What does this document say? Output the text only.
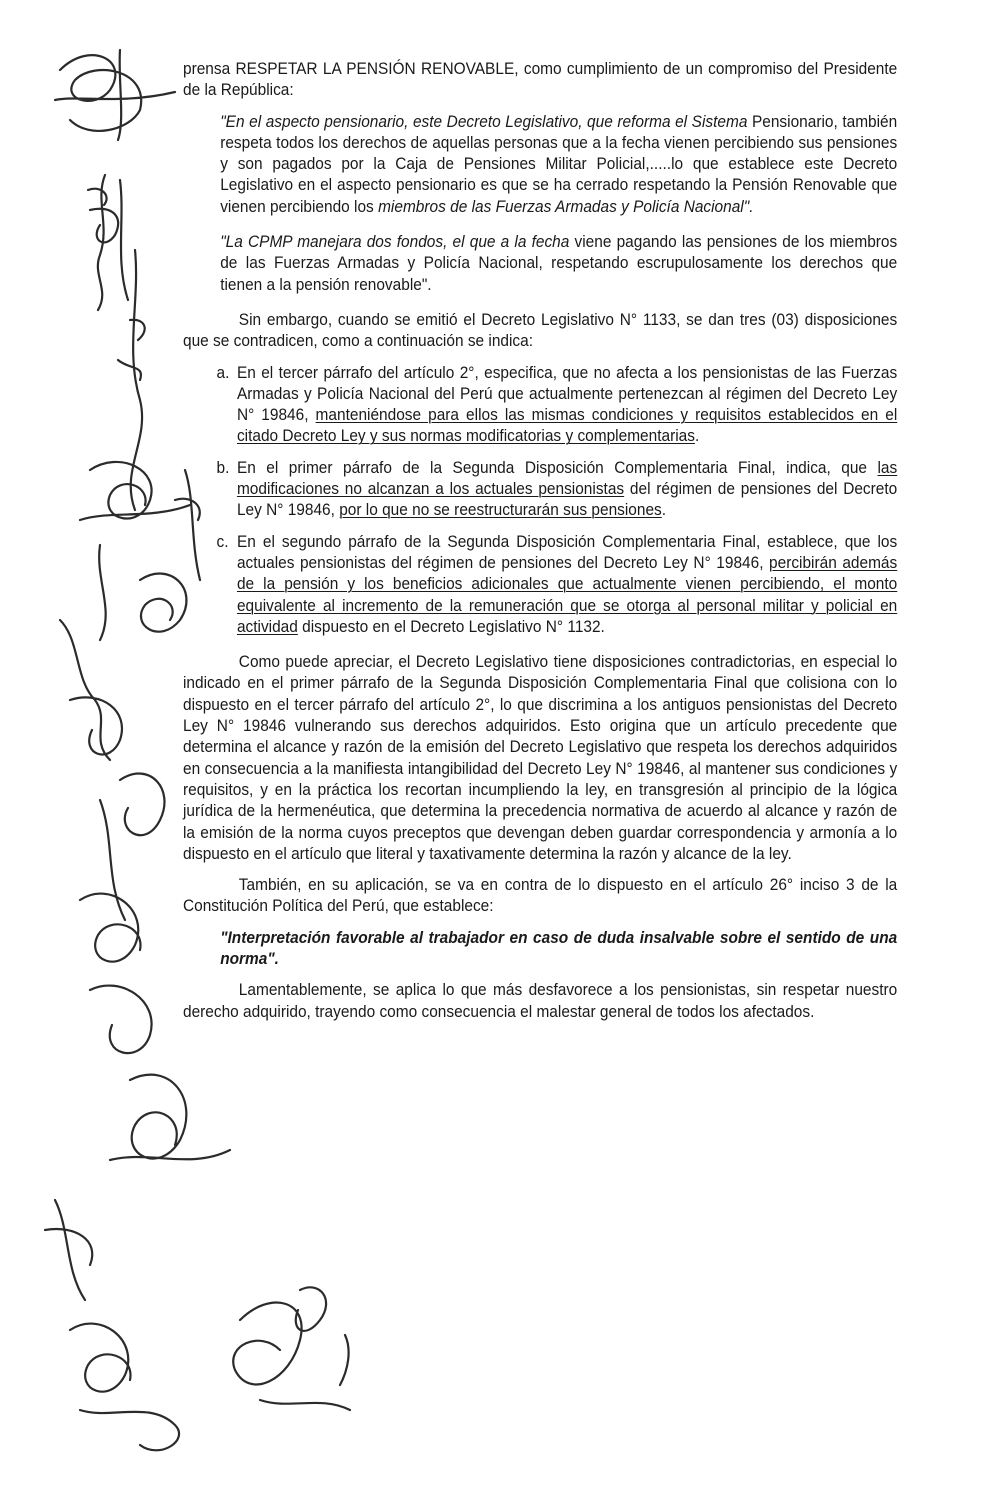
prensa RESPETAR LA PENSIÓN RENOVABLE, como cumplimiento de un compromiso del Presidente de la República:

"En el aspecto pensionario, este Decreto Legislativo, que reforma el Sistema Pensionario, también respeta todos los derechos de aquellas personas que a la fecha vienen percibiendo sus pensiones y son pagados por la Caja de Pensiones Militar Policial,.....lo que establece este Decreto Legislativo en el aspecto pensionario es que se ha cerrado respetando la Pensión Renovable que vienen percibiendo los miembros de las Fuerzas Armadas y Policía Nacional".

"La CPMP manejara dos fondos, el que a la fecha viene pagando las pensiones de los miembros de las Fuerzas Armadas y Policía Nacional, respetando escrupulosamente los derechos que tienen a la pensión renovable".

Sin embargo, cuando se emitió el Decreto Legislativo N° 1133, se dan tres (03) disposiciones que se contradicen, como a continuación se indica:

a. En el tercer párrafo del artículo 2°, especifica, que no afecta a los pensionistas de las Fuerzas Armadas y Policía Nacional del Perú que actualmente pertenezcan al régimen del Decreto Ley N° 19846, manteniéndose para ellos las mismas condiciones y requisitos establecidos en el citado Decreto Ley y sus normas modificatorias y complementarias.

b. En el primer párrafo de la Segunda Disposición Complementaria Final, indica, que las modificaciones no alcanzan a los actuales pensionistas del régimen de pensiones del Decreto Ley N° 19846, por lo que no se reestructurarán sus pensiones.

c. En el segundo párrafo de la Segunda Disposición Complementaria Final, establece, que los actuales pensionistas del régimen de pensiones del Decreto Ley N° 19846, percibirán además de la pensión y los beneficios adicionales que actualmente vienen percibiendo, el monto equivalente al incremento de la remuneración que se otorga al personal militar y policial en actividad dispuesto en el Decreto Legislativo N° 1132.

Como puede apreciar, el Decreto Legislativo tiene disposiciones contradictorias, en especial lo indicado en el primer párrafo de la Segunda Disposición Complementaria Final que colisiona con lo dispuesto en el tercer párrafo del artículo 2°, lo que discrimina a los antiguos pensionistas del Decreto Ley N° 19846 vulnerando sus derechos adquiridos. Esto origina que un artículo precedente que determina el alcance y razón de la emisión del Decreto Legislativo que respeta los derechos adquiridos en consecuencia a la manifiesta intangibilidad del Decreto Ley N° 19846, al mantener sus condiciones y requisitos, y en la práctica los recortan incumpliendo la ley, en transgresión al principio de la lógica jurídica de la hermenéutica, que determina la precedencia normativa de acuerdo al alcance y razón de la emisión de la norma cuyos preceptos que devengan deben guardar correspondencia y armonía a lo dispuesto en el artículo que literal y taxativamente determina la razón y alcance de la ley.

También, en su aplicación, se va en contra de lo dispuesto en el artículo 26° inciso 3 de la Constitución Política del Perú, que establece:

"Interpretación favorable al trabajador en caso de duda insalvable sobre el sentido de una norma".

Lamentablemente, se aplica lo que más desfavorece a los pensionistas, sin respetar nuestro derecho adquirido, trayendo como consecuencia el malestar general de todos los afectados.
